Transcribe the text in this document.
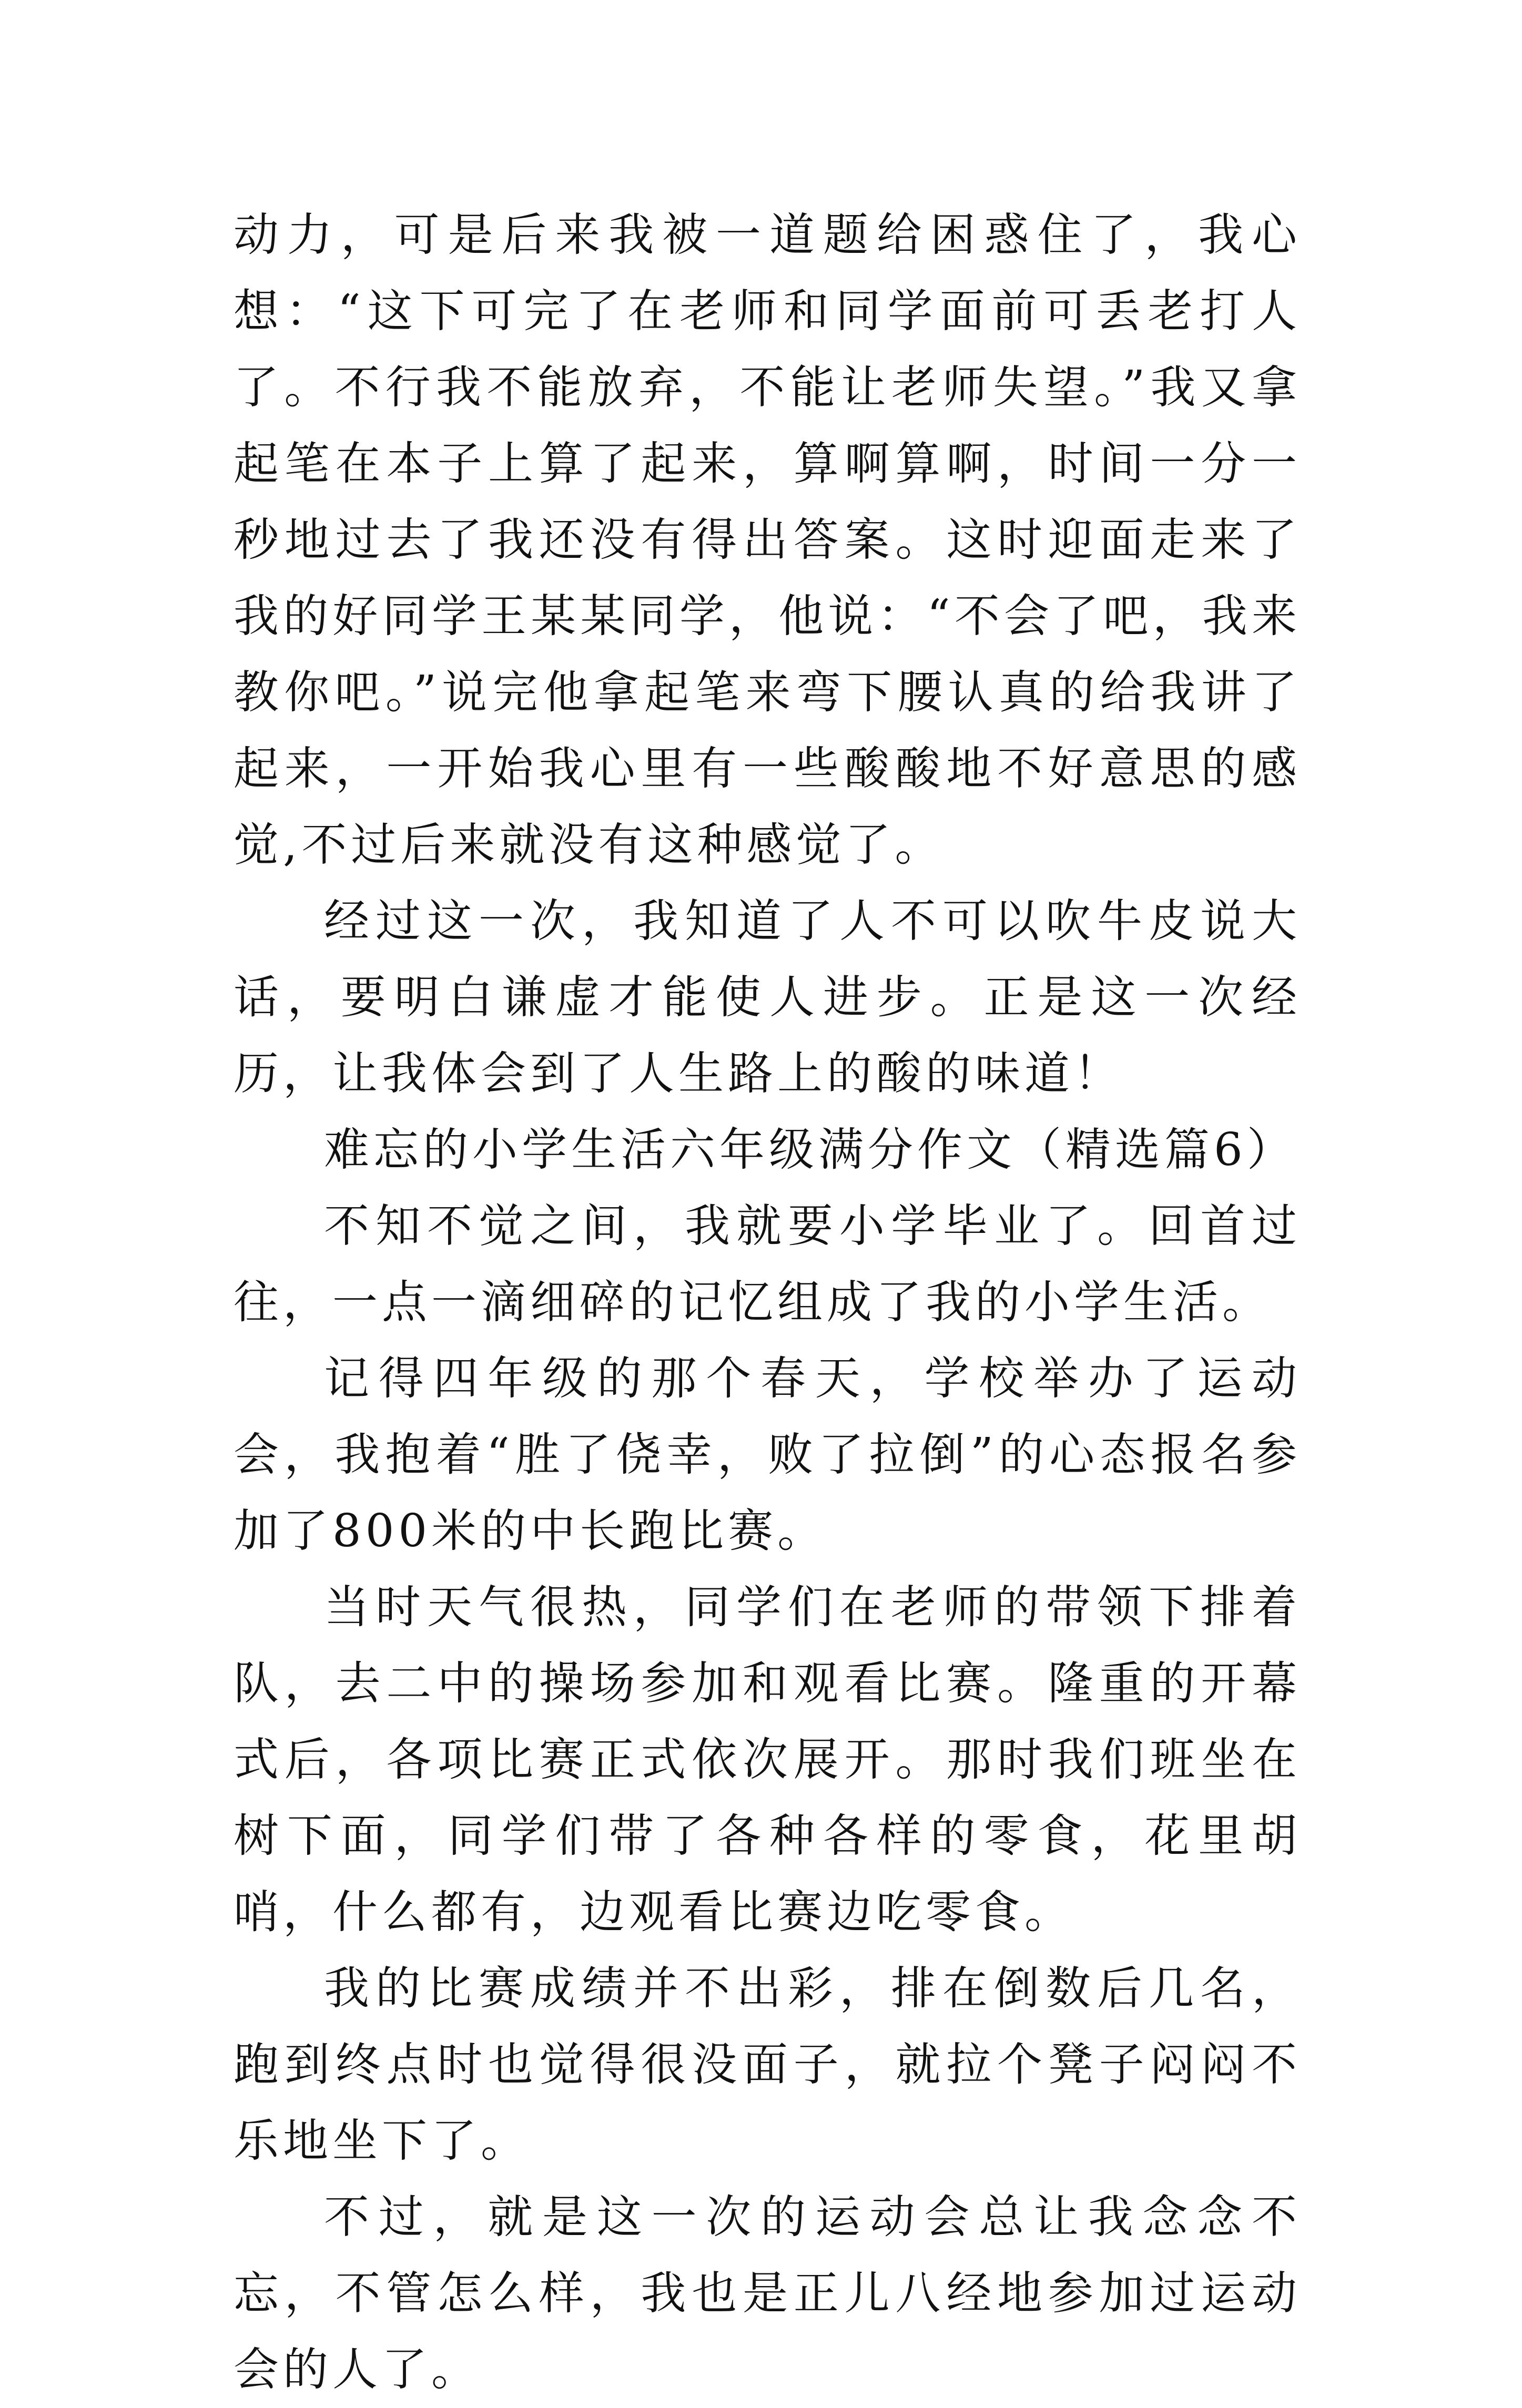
动力，可是后来我被一道题给困惑住了，我心想：“这下可完了在老师和同学面前可丢老打人了。不行我不能放弃，不能让老师失望。”我又拿起笔在本子上算了起来，算啊算啊，时间一分一秒地过去了我还没有得出答案。这时迎面走来了我的好同学王某某同学，他说：“不会了吧，我来教你吧。”说完他拿起笔来弯下腰认真的给我讲了起来，一开始我心里有一些酸酸地不好意思的感觉,不过后来就没有这种感觉了。

经过这一次，我知道了人不可以吹牛皮说大话，要明白谦虚才能使人进步。正是这一次经历，让我体会到了人生路上的酸的味道！

难忘的小学生活六年级满分作文（精选篇6）

不知不觉之间，我就要小学毕业了。回首过往，一点一滴细碎的记忆组成了我的小学生活。

记得四年级的那个春天，学校举办了运动会，我抱着“胜了侥幸，败了拉倒”的心态报名参加了800米的中长跑比赛。

当时天气很热，同学们在老师的带领下排着队，去二中的操场参加和观看比赛。隆重的开幕式后，各项比赛正式依次展开。那时我们班坐在树下面，同学们带了各种各样的零食，花里胡哨，什么都有，边观看比赛边吃零食。

我的比赛成绩并不出彩，排在倒数后几名，跑到终点时也觉得很没面子，就拉个凳子闷闷不乐地坐下了。

不过，就是这一次的运动会总让我念念不忘，不管怎么样，我也是正儿八经地参加过运动会的人了。
